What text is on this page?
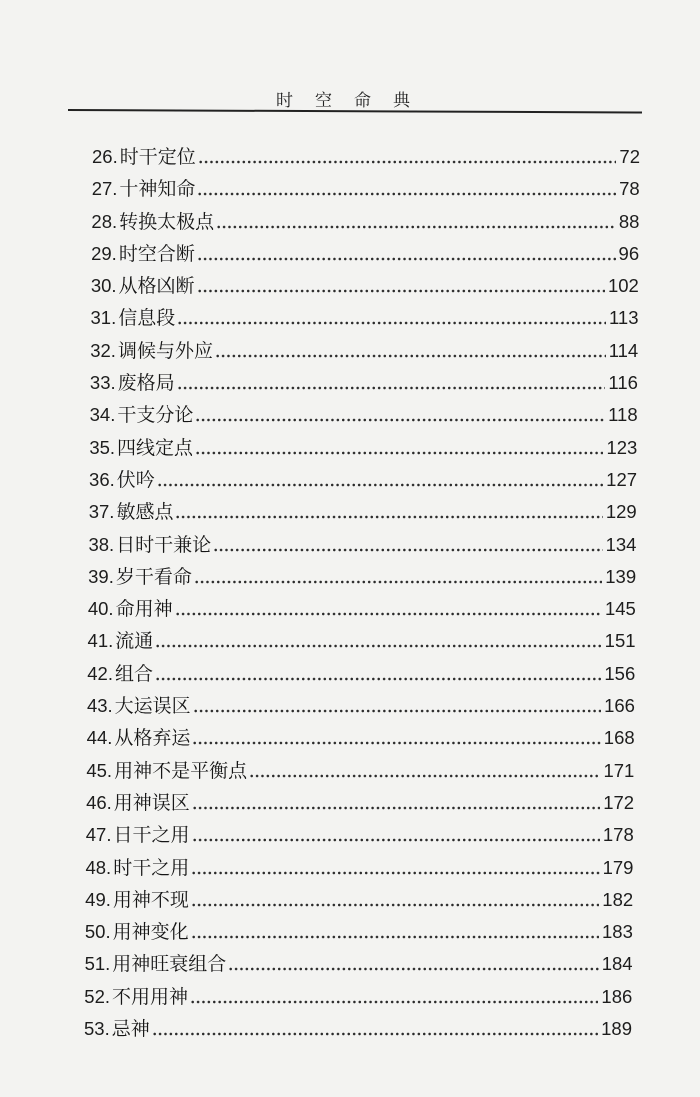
时空命典
26. 时干定位	72
27. 十神知命	78
28. 转换太极点	88
29. 时空合断	96
30. 从格凶断	102
31. 信息段	113
32. 调候与外应	114
33. 废格局	116
34. 干支分论	118
35. 四线定点	123
36. 伏吟	127
37. 敏感点	129
38. 日时干兼论	134
39. 岁干看命	139
40. 命用神	145
41. 流通	151
42. 组合	156
43. 大运误区	166
44. 从格弃运	168
45. 用神不是平衡点	171
46. 用神误区	172
47. 日干之用	178
48. 时干之用	179
49. 用神不现	182
50. 用神变化	183
51. 用神旺衰组合	184
52. 不用用神	186
53. 忌神	189
